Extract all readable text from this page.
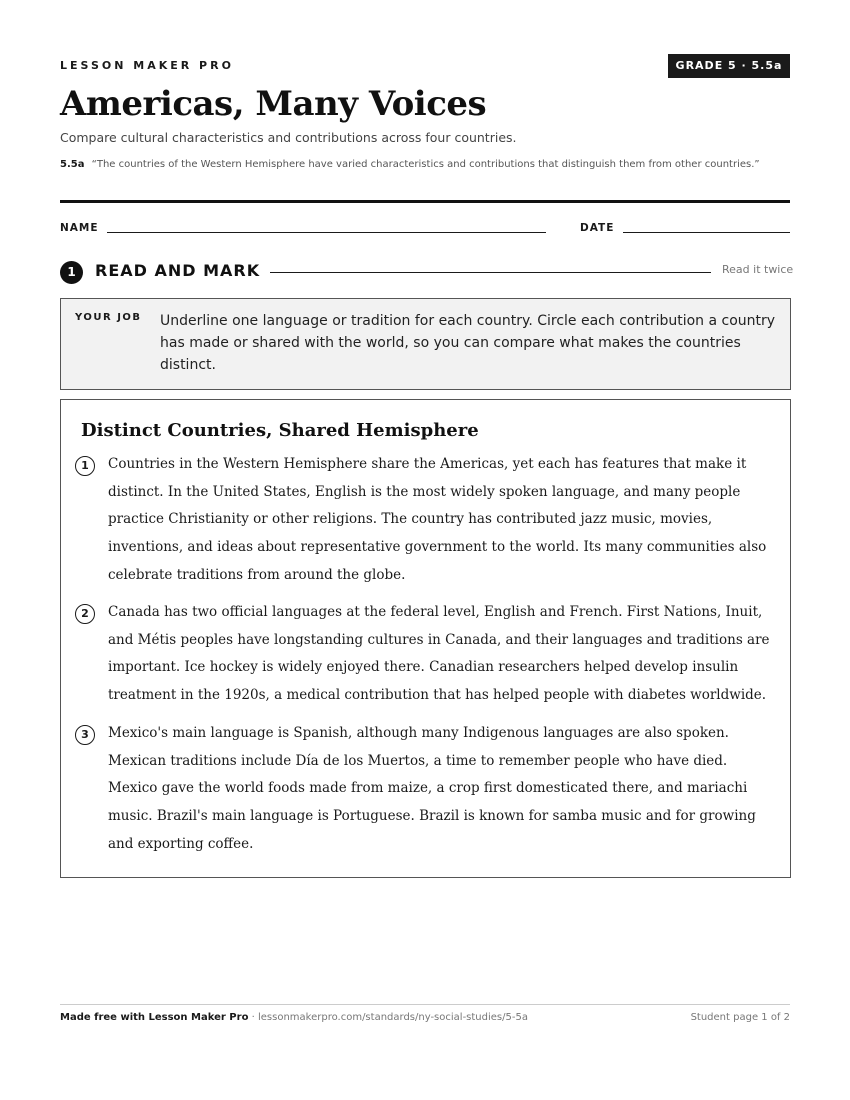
LESSON MAKER PRO	GRADE 5 · 5.5a
Americas, Many Voices
Compare cultural characteristics and contributions across four countries.
5.5a “The countries of the Western Hemisphere have varied characteristics and contributions that distinguish them from other countries.”
NAME	DATE
1	READ AND MARK	Read it twice
YOUR JOB Underline one language or tradition for each country. Circle each contribution a country has made or shared with the world, so you can compare what makes the countries distinct.
Distinct Countries, Shared Hemisphere
1	Countries in the Western Hemisphere share the Americas, yet each has features that make it distinct. In the United States, English is the most widely spoken language, and many people practice Christianity or other religions. The country has contributed jazz music, movies, inventions, and ideas about representative government to the world. Its many communities also celebrate traditions from around the globe.
2	Canada has two official languages at the federal level, English and French. First Nations, Inuit, and Métis peoples have longstanding cultures in Canada, and their languages and traditions are important. Ice hockey is widely enjoyed there. Canadian researchers helped develop insulin treatment in the 1920s, a medical contribution that has helped people with diabetes worldwide.
3	Mexico's main language is Spanish, although many Indigenous languages are also spoken. Mexican traditions include Día de los Muertos, a time to remember people who have died. Mexico gave the world foods made from maize, a crop first domesticated there, and mariachi music. Brazil's main language is Portuguese. Brazil is known for samba music and for growing and exporting coffee.
Made free with Lesson Maker Pro · lessonmakerpro.com/standards/ny-social-studies/5-5a	Student page 1 of 2
